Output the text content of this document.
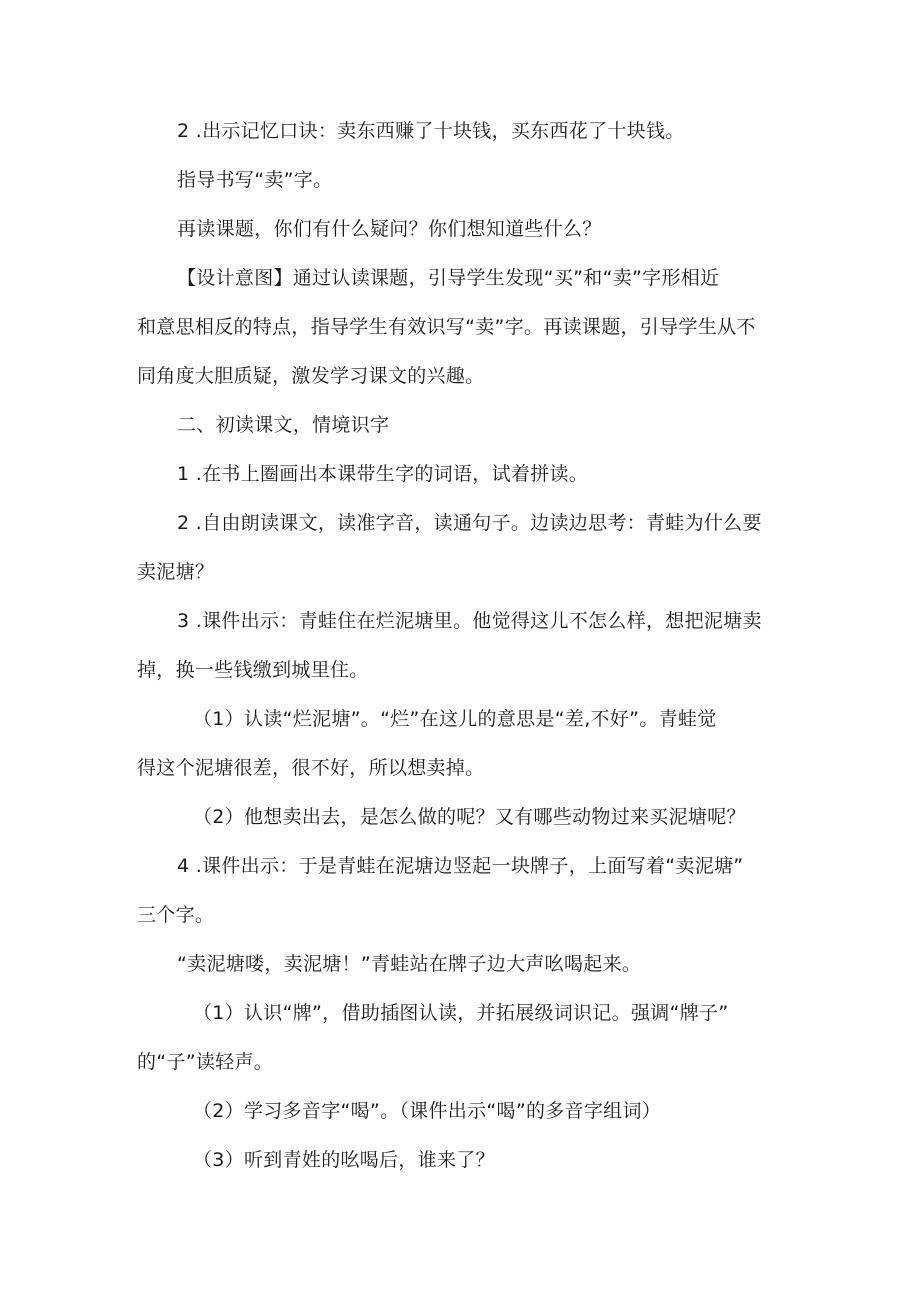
2 .出示记忆口诀：卖东西赚了十块钱，买东西花了十块钱。
指导书写“卖”字。
再读课题，你们有什么疑问？你们想知道些什么？
【设计意图】通过认读课题，引导学生发现“买”和“卖”字形相近
和意思相反的特点，指导学生有效识写“卖”字。再读课题，引导学生从不
同角度大胆质疑，激发学习课文的兴趣。
二、初读课文，情境识字
1 .在书上圈画出本课带生字的词语，试着拼读。
2 .自由朗读课文，读准字音，读通句子。边读边思考：青蛙为什么要
卖泥塘？
3 .课件出示：青蛙住在烂泥塘里。他觉得这儿不怎么样，想把泥塘卖
掉，换一些钱缴到城里住。
（1）认读“烂泥塘”。“烂”在这儿的意思是“差,不好”。青蛙觉
得这个泥塘很差，很不好，所以想卖掉。
（2）他想卖出去，是怎么做的呢？又有哪些动物过来买泥塘呢？
4 .课件出示：于是青蛙在泥塘边竖起一块牌子，上面写着“卖泥塘”
三个字。
“卖泥塘喽，卖泥塘！”青蛙站在牌子边大声吆喝起来。
（1）认识“牌”，借助插图认读，并拓展级词识记。强调“牌子”
的“子”读轻声。
（2）学习多音字“喝”。（课件出示“喝”的多音字组词）
（3）听到青姓的吆喝后，谁来了？
